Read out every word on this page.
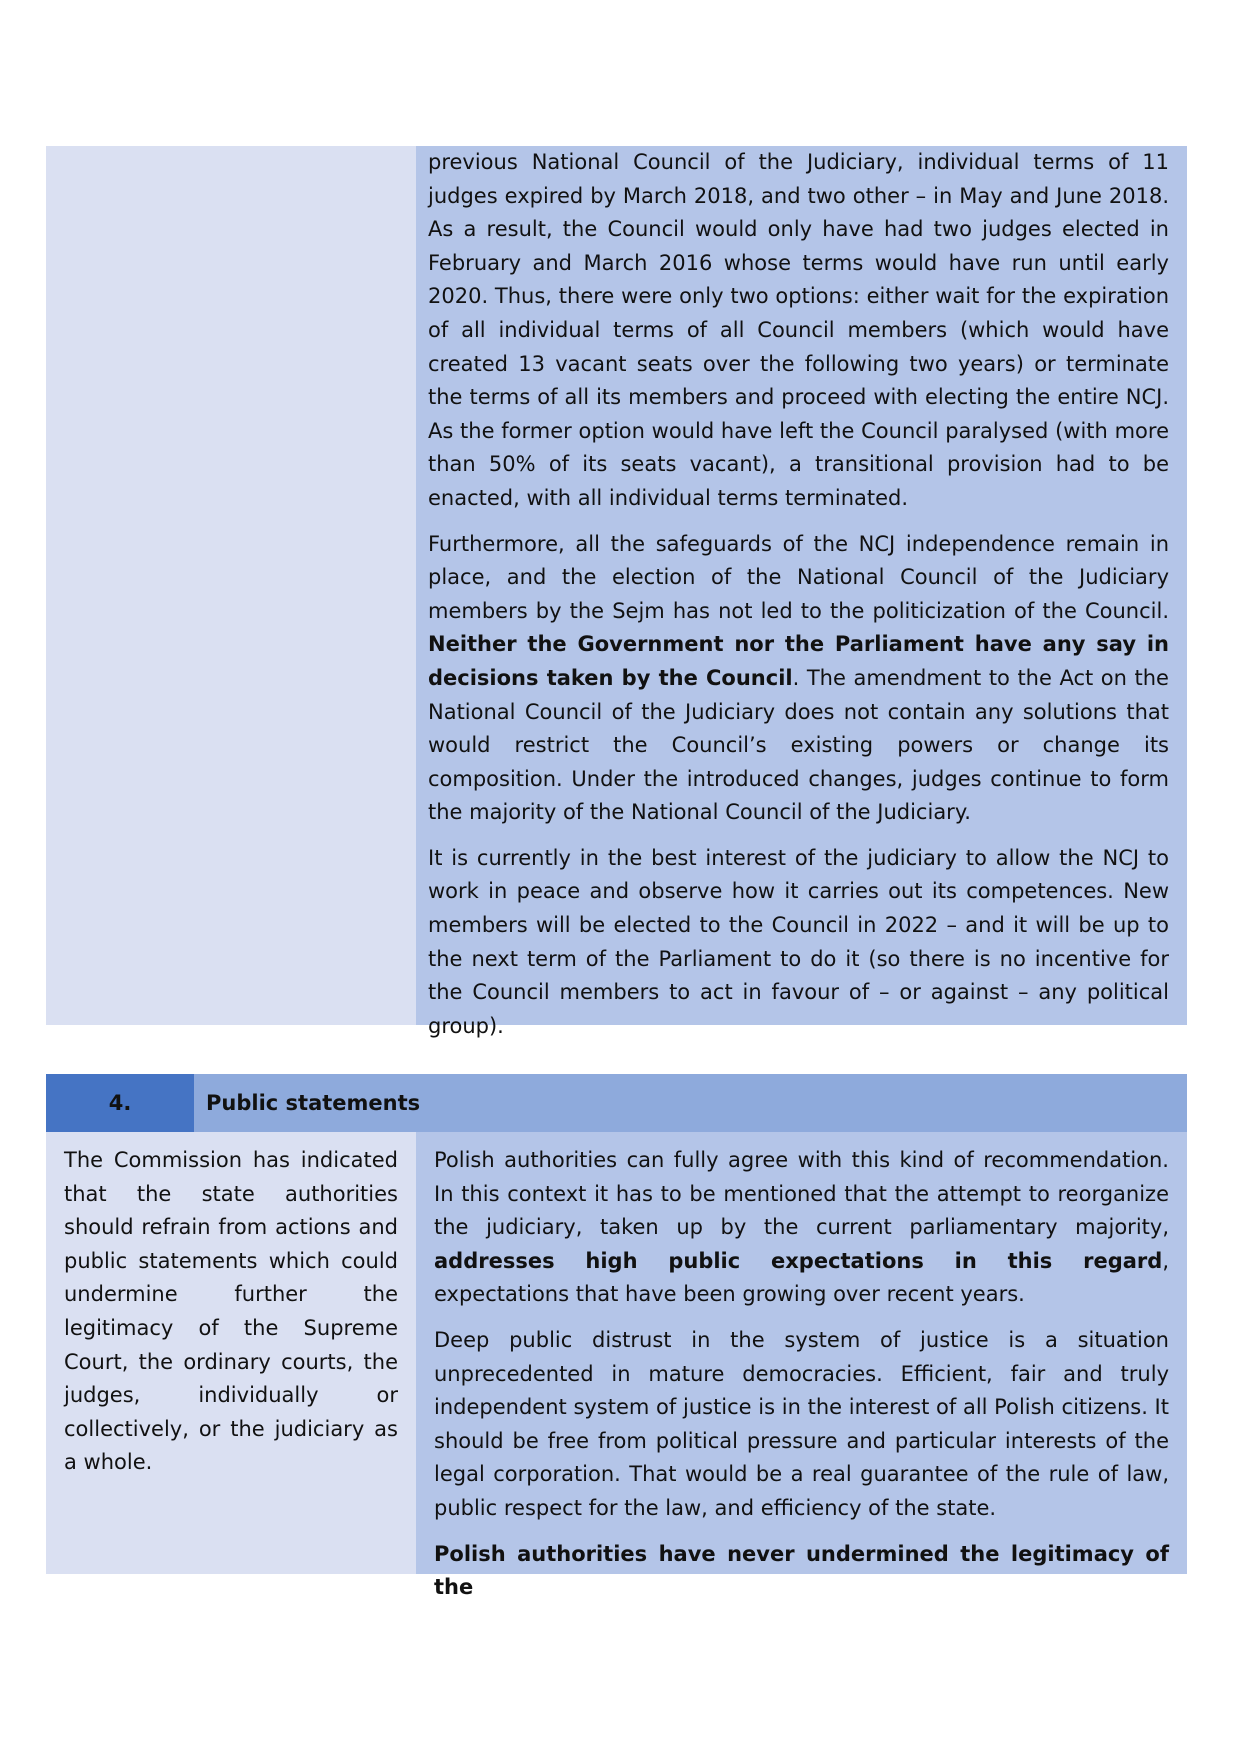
previous National Council of the Judiciary, individual terms of 11 judges expired by March 2018, and two other – in May and June 2018. As a result, the Council would only have had two judges elected in February and March 2016 whose terms would have run until early 2020. Thus, there were only two options: either wait for the expiration of all individual terms of all Council members (which would have created 13 vacant seats over the following two years) or terminate the terms of all its members and proceed with electing the entire NCJ. As the former option would have left the Council paralysed (with more than 50% of its seats vacant), a transitional provision had to be enacted, with all individual terms terminated.

Furthermore, all the safeguards of the NCJ independence remain in place, and the election of the National Council of the Judiciary members by the Sejm has not led to the politicization of the Council. Neither the Government nor the Parliament have any say in decisions taken by the Council. The amendment to the Act on the National Council of the Judiciary does not contain any solutions that would restrict the Council’s existing powers or change its composition. Under the introduced changes, judges continue to form the majority of the National Council of the Judiciary.

It is currently in the best interest of the judiciary to allow the NCJ to work in peace and observe how it carries out its competences. New members will be elected to the Council in 2022 – and it will be up to the next term of the Parliament to do it (so there is no incentive for the Council members to act in favour of – or against – any political group).

4.	Public statements

The Commission has indicated that the state authorities should refrain from actions and public statements which could undermine further the legitimacy of the Supreme Court, the ordinary courts, the judges, individually or collectively, or the judiciary as a whole.

Polish authorities can fully agree with this kind of recommendation. In this context it has to be mentioned that the attempt to reorganize the judiciary, taken up by the current parliamentary majority, addresses high public expectations in this regard, expectations that have been growing over recent years.

Deep public distrust in the system of justice is a situation unprecedented in mature democracies. Efficient, fair and truly independent system of justice is in the interest of all Polish citizens. It should be free from political pressure and particular interests of the legal corporation. That would be a real guarantee of the rule of law, public respect for the law, and efficiency of the state.

Polish authorities have never undermined the legitimacy of the
